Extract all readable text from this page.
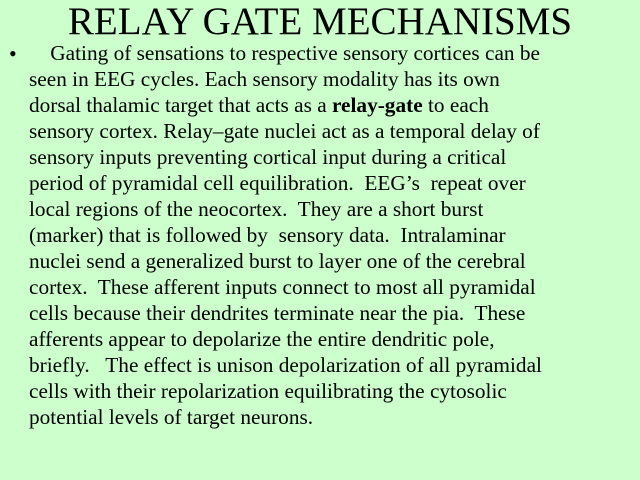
RELAY GATE MECHANISMS
• Gating of sensations to respective sensory cortices can be
seen in EEG cycles. Each sensory modality has its own
dorsal thalamic target that acts as a relay-gate to each
sensory cortex. Relay–gate nuclei act as a temporal delay of
sensory inputs preventing cortical input during a critical
period of pyramidal cell equilibration.  EEG’s  repeat over
local regions of the neocortex.  They are a short burst
(marker) that is followed by  sensory data.  Intralaminar
nuclei send a generalized burst to layer one of the cerebral
cortex.  These afferent inputs connect to most all pyramidal
cells because their dendrites terminate near the pia.  These
afferents appear to depolarize the entire dendritic pole,
briefly.   The effect is unison depolarization of all pyramidal
cells with their repolarization equilibrating the cytosolic
potential levels of target neurons.
